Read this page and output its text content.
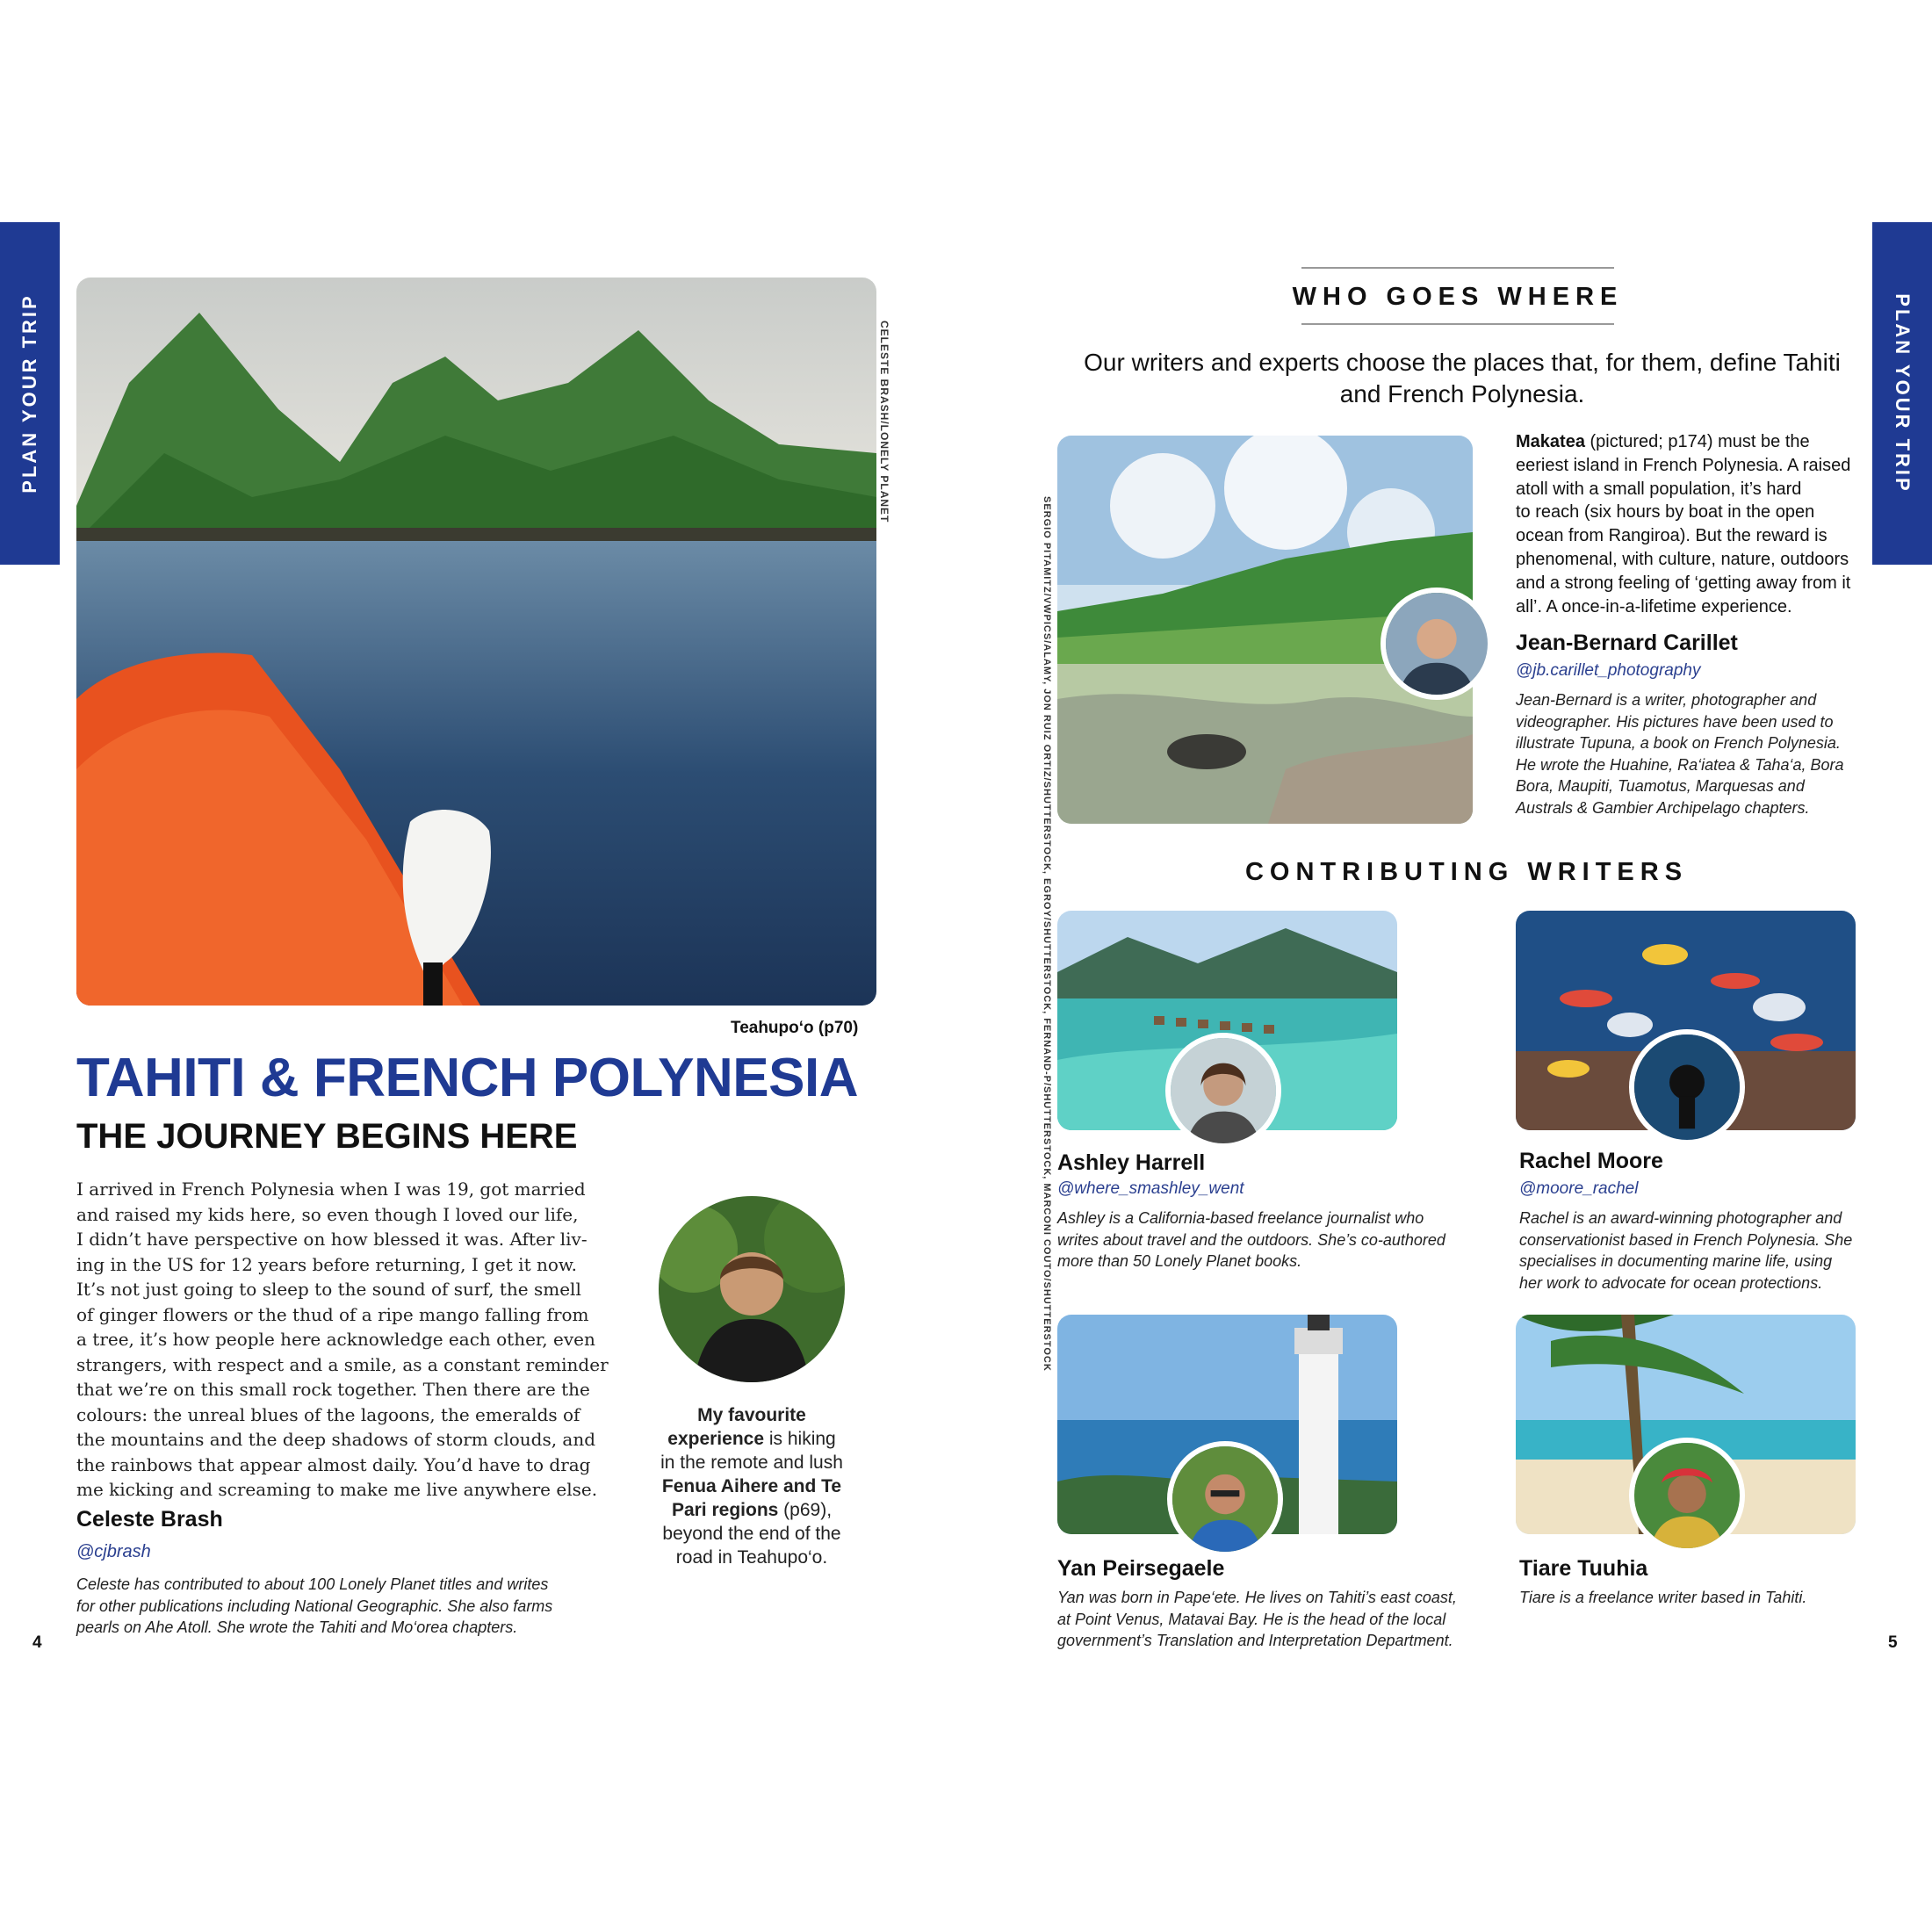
PLAN YOUR TRIP	PLAN YOUR TRIP
CELESTE BRASH/LONELY PLANET
Teahupo‘o (p70)
TAHITI & FRENCH POLYNESIA
THE JOURNEY BEGINS HERE
I arrived in French Polynesia when I was 19, got married
and raised my kids here, so even though I loved our life,
I didn’t have perspective on how blessed it was. After liv-
ing in the US for 12 years before returning, I get it now.
It’s not just going to sleep to the sound of surf, the smell
of ginger flowers or the thud of a ripe mango falling from
a tree, it’s how people here acknowledge each other, even
strangers, with respect and a smile, as a constant reminder
that we’re on this small rock together. Then there are the
colours: the unreal blues of the lagoons, the emeralds of
the mountains and the deep shadows of storm clouds, and
the rainbows that appear almost daily. You’d have to drag
me kicking and screaming to make me live anywhere else.
Celeste Brash
@cjbrash
Celeste has contributed to about 100 Lonely Planet titles and writes
for other publications including National Geographic. She also farms
pearls on Ahe Atoll. She wrote the Tahiti and Mo‘orea chapters.
My favourite
experience is hiking
in the remote and lush
Fenua Aihere and Te
Pari regions (p69),
beyond the end of the
road in Teahupo‘o.
4
WHO GOES WHERE
Our writers and experts choose the places that, for them, define Tahiti
and French Polynesia.
SERGIO PITAMITZ/VWPICS/ALAMY, JON RUIZ ORTIZ/SHUTTERSTOCK, EGROY/SHUTTERSTOCK, FERNAND-P/SHUTTERSTOCK, MARCONI COUTO/SHUTTERSTOCK
Makatea (pictured; p174) must be the
eeriest island in French Polynesia. A raised
atoll with a small population, it’s hard
to reach (six hours by boat in the open
ocean from Rangiroa). But the reward is
phenomenal, with culture, nature, outdoors
and a strong feeling of ‘getting away from it
all’. A once-in-a-lifetime experience.
Jean-Bernard Carillet
@jb.carillet_photography
Jean-Bernard is a writer, photographer and
videographer. His pictures have been used to
illustrate Tupuna, a book on French Polynesia.
He wrote the Huahine, Ra‘iatea & Taha‘a, Bora
Bora, Maupiti, Tuamotus, Marquesas and
Australs & Gambier Archipelago chapters.
CONTRIBUTING WRITERS
Ashley Harrell
@where_smashley_went
Ashley is a California-based freelance journalist who
writes about travel and the outdoors. She’s co-authored
more than 50 Lonely Planet books.
Rachel Moore
@moore_rachel
Rachel is an award-winning photographer and
conservationist based in French Polynesia. She
specialises in documenting marine life, using
her work to advocate for ocean protections.
Yan Peirsegaele
Yan was born in Pape‘ete. He lives on Tahiti’s east coast,
at Point Venus, Matavai Bay. He is the head of the local
government’s Translation and Interpretation Department.
Tiare Tuuhia
Tiare is a freelance writer based in Tahiti.
5
